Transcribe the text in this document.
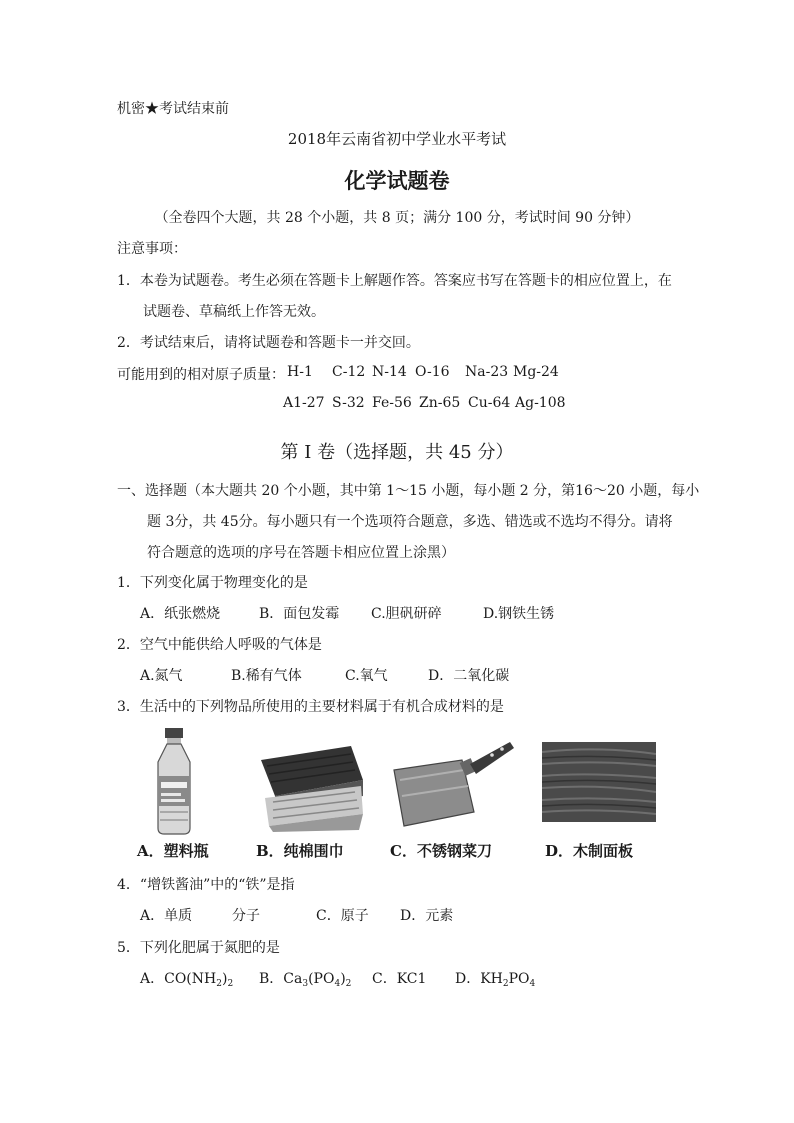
机密★考试结束前
2018年云南省初中学业水平考试
化学试题卷
（全卷四个大题，共 28 个小题，共 8 页；满分 100 分，考试时间 90 分钟）
注意事项：
1．本卷为试题卷。考生必须在答题卡上解题作答。答案应书写在答题卡的相应位置上，在
试题卷、草稿纸上作答无效。
2．考试结束后，请将试题卷和答题卡一并交回。
可能用到的相对原子质量： H-1 C-12 N-14 O-16 Na-23 Mg-24
A1-27 S-32 Fe-56 Zn-65 Cu-64 Ag-108
第 I 卷（选择题，共 45 分）
一、选择题（本大题共 20 个小题，其中第 1～15 小题，每小题 2 分，第16～20 小题，每小
题 3分，共 45分。每小题只有一个选项符合题意，多选、错选或不选均不得分。请将
符合题意的选项的序号在答题卡相应位置上涂黑）
1．下列变化属于物理变化的是
A．纸张燃烧	B．面包发霉 C.胆矾研碎	D.钢铁生锈
2．空气中能供给人呼吸的气体是
A.氮气	B.稀有气体	C.氧气	D．二氧化碳
3．生活中的下列物品所使用的主要材料属于有机合成材料的是
A．塑料瓶	B．纯棉围巾	C．不锈钢菜刀	D．木制面板
4．“增铁酱油”中的“铁”是指
A．单质	分子	C．原子 D．元素
5．下列化肥属于氮肥的是
A．$CO(NH_2)_2$ B．$Ca_3(PO_4)_2$ C．KC1 D．$KH_2PO_4$
